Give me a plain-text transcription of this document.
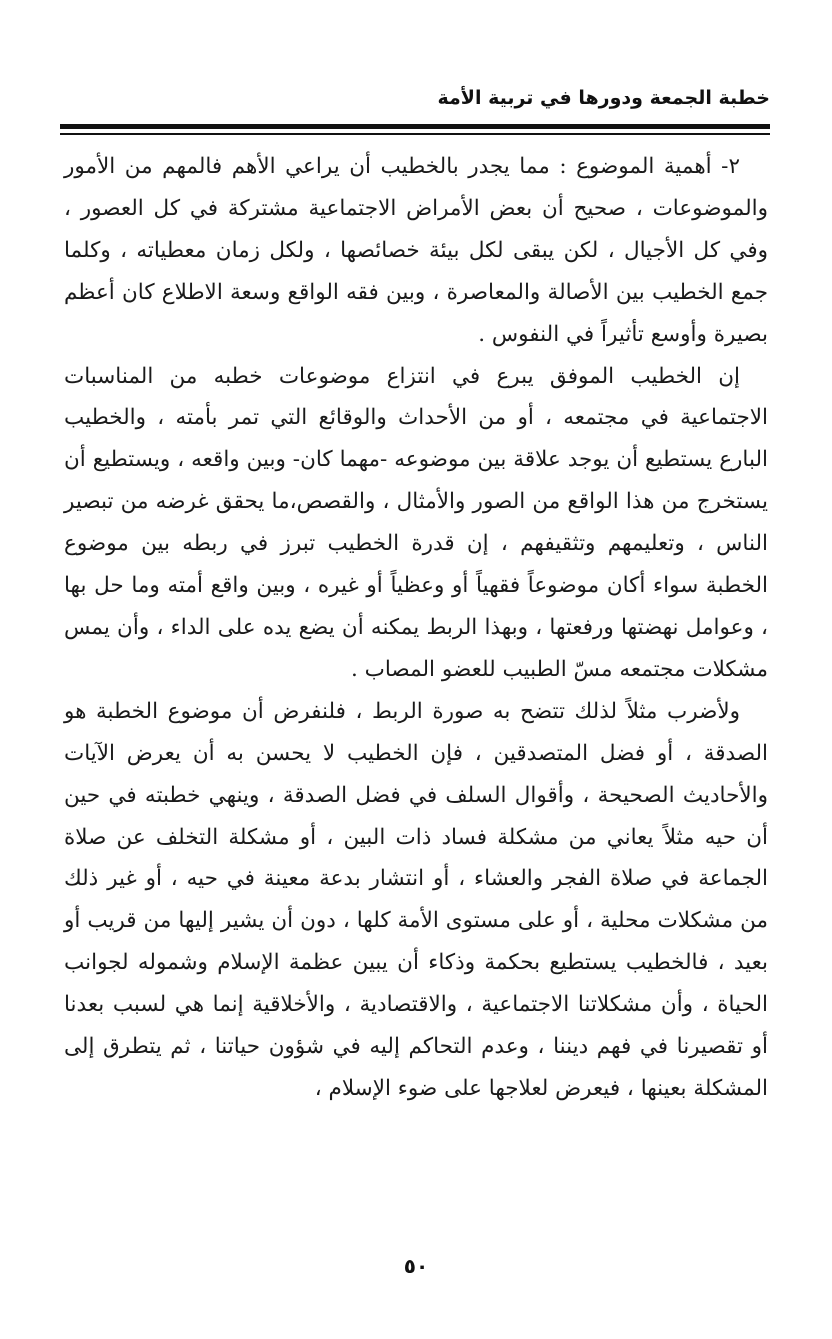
خطبة الجمعة ودورها في تربية الأمة

٢- أهمية الموضوع : مما يجدر بالخطيب أن يراعي الأهم فالمهم من الأمور والموضوعات ، صحيح أن بعض الأمراض الاجتماعية مشتركة في كل العصور ، وفي كل الأجيال ، لكن يبقى لكل بيئة خصائصها ، ولكل زمان معطياته ، وكلما جمع الخطيب بين الأصالة والمعاصرة ، وبين فقه الواقع وسعة الاطلاع كان أعظم بصيرة وأوسع تأثيراً في النفوس .

إن الخطيب الموفق يبرع في انتزاع موضوعات خطبه من المناسبات الاجتماعية في مجتمعه ، أو من الأحداث والوقائع التي تمر بأمته ، والخطيب البارع يستطيع أن يوجد علاقة بين موضوعه -مهما كان- وبين واقعه ، ويستطيع أن يستخرج من هذا الواقع من الصور والأمثال ، والقصص،ما يحقق غرضه من تبصير الناس ، وتعليمهم وتثقيفهم ، إن قدرة الخطيب تبرز في ربطه بين موضوع الخطبة سواء أكان موضوعاً فقهياً أو وعظياً أو غيره ، وبين واقع أمته وما حل بها ، وعوامل نهضتها ورفعتها ، وبهذا الربط يمكنه أن يضع يده على الداء ، وأن يمس مشكلات مجتمعه مسّ الطبيب للعضو المصاب .

ولأضرب مثلاً لذلك تتضح به صورة الربط ، فلنفرض أن موضوع الخطبة هو الصدقة ، أو فضل المتصدقين ، فإن الخطيب لا يحسن به أن يعرض الآيات والأحاديث الصحيحة ، وأقوال السلف في فضل الصدقة ، وينهي خطبته في حين أن حيه مثلاً يعاني من مشكلة فساد ذات البين ، أو مشكلة التخلف عن صلاة الجماعة في صلاة الفجر والعشاء ، أو انتشار بدعة معينة في حيه ، أو غير ذلك من مشكلات محلية ، أو على مستوى الأمة كلها ، دون أن يشير إليها من قريب أو بعيد ، فالخطيب يستطيع بحكمة وذكاء أن يبين عظمة الإسلام وشموله لجوانب الحياة ، وأن مشكلاتنا الاجتماعية ، والاقتصادية ، والأخلاقية إنما هي لسبب بعدنا أو تقصيرنا في فهم ديننا ، وعدم التحاكم إليه في شؤون حياتنا ، ثم يتطرق إلى المشكلة بعينها ، فيعرض لعلاجها على ضوء الإسلام ،

٥٠
